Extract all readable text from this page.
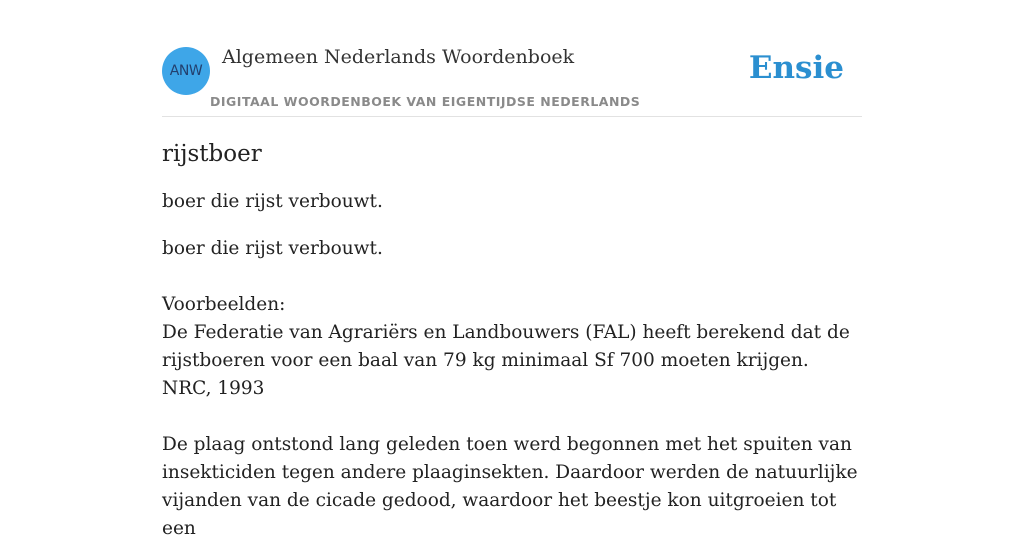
ANW
Algemeen Nederlands Woordenboek
DIGITAAL WOORDENBOEK VAN EIGENTIJDSE NEDERLANDS
Ensie
rijstboer

boer die rijst verbouwt.

boer die rijst verbouwt.
Voorbeelden:
De Federatie van Agrariërs en Landbouwers (FAL) heeft berekend dat de
rijstboeren voor een baal van 79 kg minimaal Sf 700 moeten krijgen.
NRC, 1993
De plaag ontstond lang geleden toen werd begonnen met het spuiten van
insekticiden tegen andere plaaginsekten. Daardoor werden de natuurlijke
vijanden van de cicade gedood, waardoor het beestje kon uitgroeien tot een
